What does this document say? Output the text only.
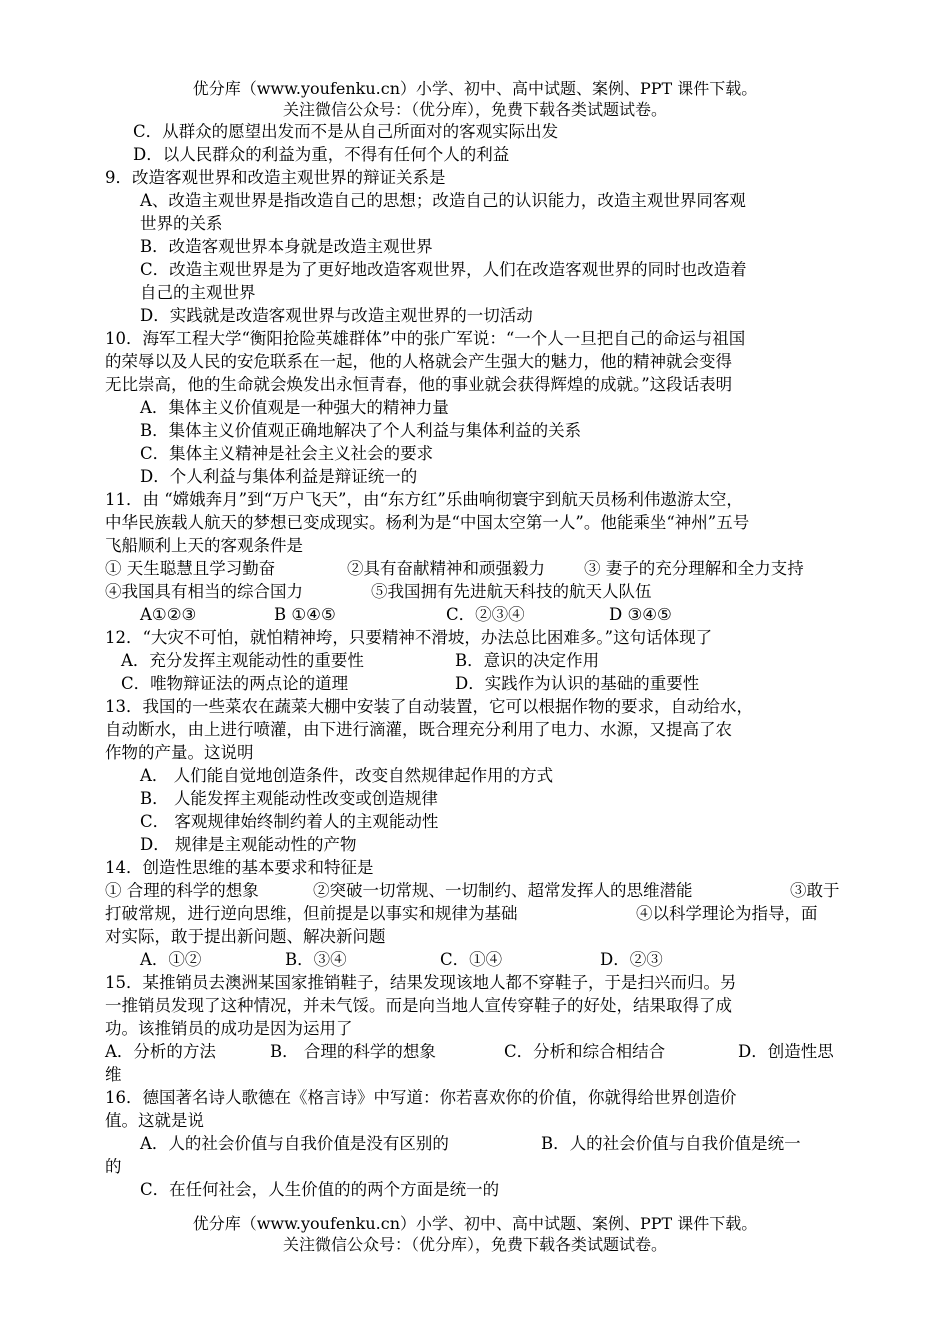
优分库（www.youfenku.cn）小学、初中、高中试题、案例、PPT 课件下载。
关注微信公众号：（优分库），免费下载各类试题试卷。
C．从群众的愿望出发而不是从自己所面对的客观实际出发
D．以人民群众的利益为重，不得有任何个人的利益
9．改造客观世界和改造主观世界的辩证关系是
A、改造主观世界是指改造自己的思想；改造自己的认识能力，改造主观世界同客观
世界的关系
B．改造客观世界本身就是改造主观世界
C．改造主观世界是为了更好地改造客观世界，人们在改造客观世界的同时也改造着
自己的主观世界
D．实践就是改造客观世界与改造主观世界的一切活动
10．海军工程大学“衡阳抢险英雄群体”中的张广军说：“一个人一旦把自己的命运与祖国
的荣辱以及人民的安危联系在一起，他的人格就会产生强大的魅力，他的精神就会变得
无比崇高，他的生命就会焕发出永恒青春，他的事业就会获得辉煌的成就。”这段话表明
A．集体主义价值观是一种强大的精神力量
B．集体主义价值观正确地解决了个人利益与集体利益的关系
C．集体主义精神是社会主义社会的要求
D．个人利益与集体利益是辩证统一的
11．由 “嫦娥奔月”到“万户飞天”，由“东方红”乐曲响彻寰宇到航天员杨利伟遨游太空，
中华民族载人航天的梦想已变成现实。杨利为是“中国太空第一人”。他能乘坐“神州”五号
飞船顺利上天的客观条件是
① 天生聪慧且学习勤奋	②具有奋献精神和顽强毅力 ③ 妻子的充分理解和全力支持
④我国具有相当的综合国力	⑤我国拥有先进航天科技的航天人队伍
A①②③	B ①④⑤	C．②③④	D ③④⑤
12．“大灾不可怕，就怕精神垮，只要精神不滑坡，办法总比困难多。”这句话体现了
A．充分发挥主观能动性的重要性	B．意识的决定作用
C．唯物辩证法的两点论的道理	D．实践作为认识的基础的重要性
13．我国的一些菜农在蔬菜大棚中安装了自动装置，它可以根据作物的要求，自动给水，
自动断水，由上进行喷灌，由下进行滴灌，既合理充分利用了电力、水源，又提高了农
作物的产量。这说明
A． 人们能自觉地创造条件，改变自然规律起作用的方式
B． 人能发挥主观能动性改变或创造规律
C． 客观规律始终制约着人的主观能动性
D． 规律是主观能动性的产物
14．创造性思维的基本要求和特征是
① 合理的科学的想象	②突破一切常规、一切制约、超常发挥人的思维潜能	③敢于
打破常规，进行逆向思维，但前提是以事实和规律为基础	④以科学理论为指导，面
对实际，敢于提出新问题、解决新问题
A．①②	B．③④	C．①④	D．②③
15．某推销员去澳洲某国家推销鞋子，结果发现该地人都不穿鞋子，于是扫兴而归。另
一推销员发现了这种情况，并未气馁。而是向当地人宣传穿鞋子的好处，结果取得了成
功。该推销员的成功是因为运用了
A．分析的方法	B． 合理的科学的想象	C．分析和综合相结合	D．创造性思
维
16．德国著名诗人歌德在《格言诗》中写道：你若喜欢你的价值，你就得给世界创造价
值。这就是说
A．人的社会价值与自我价值是没有区别的	B．人的社会价值与自我价值是统一
的
C．在任何社会，人生价值的的两个方面是统一的
优分库（www.youfenku.cn）小学、初中、高中试题、案例、PPT 课件下载。
关注微信公众号：（优分库），免费下载各类试题试卷。
